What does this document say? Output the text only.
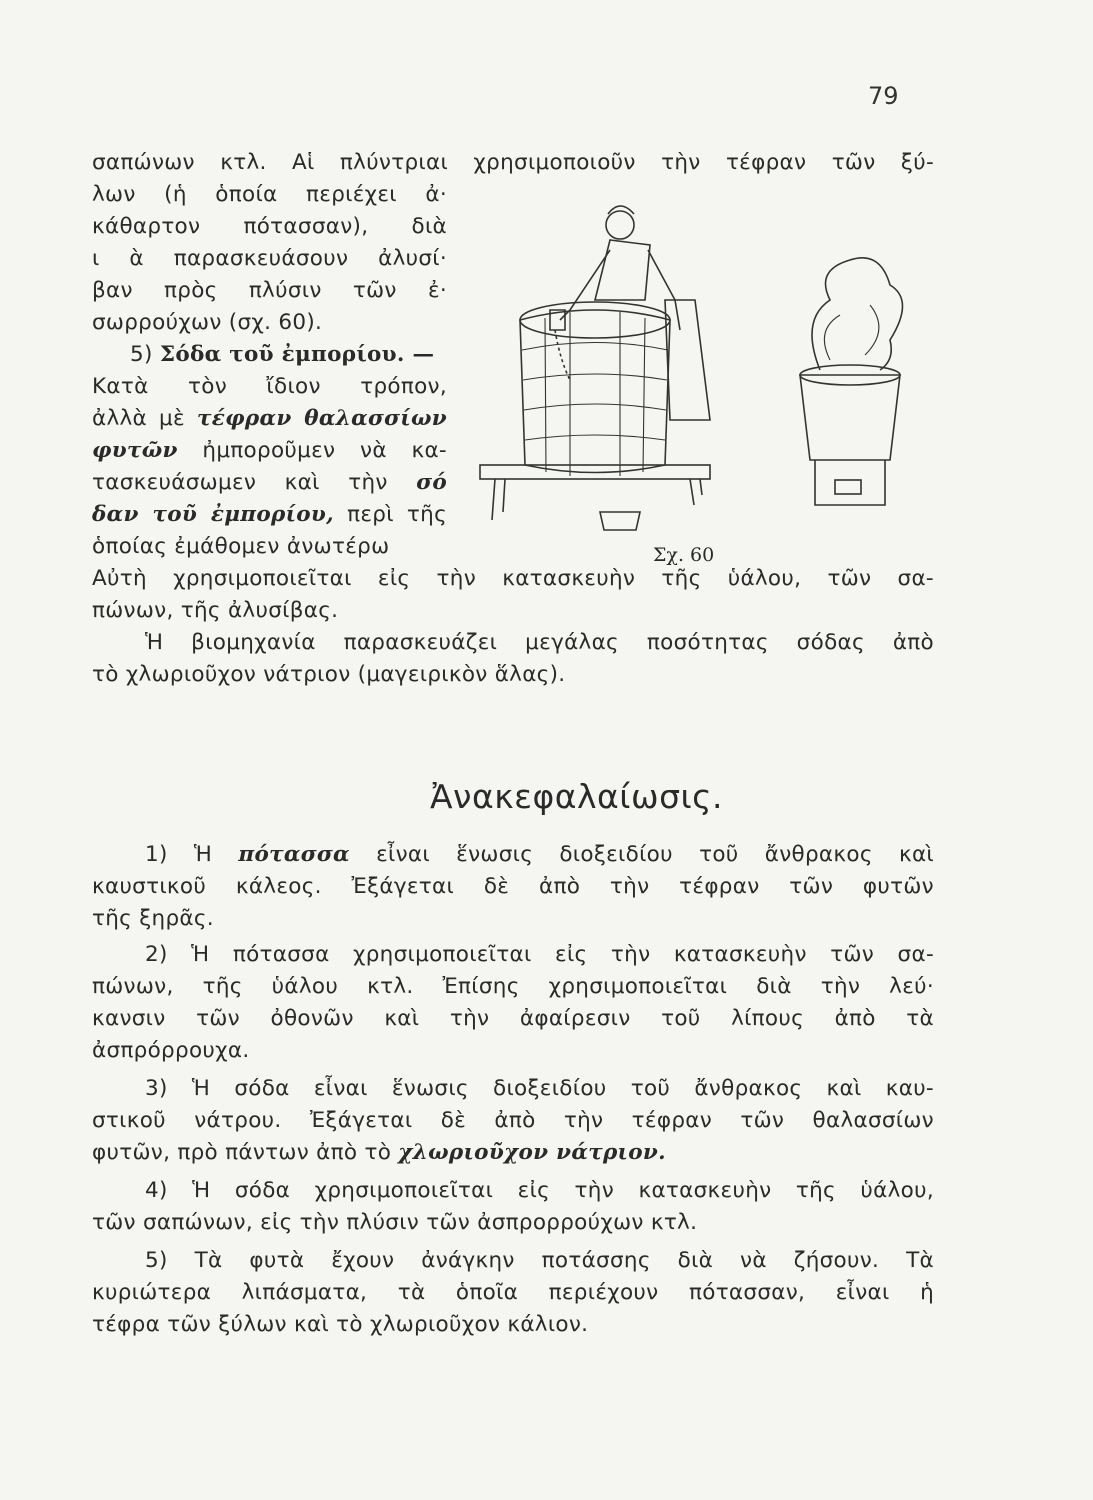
79
σαπώνων κτλ. Αἱ πλύντριαι χρησιμοποιοῦν τὴν τέφραν τῶν ξύ-
λων (ἡ ὁποία περιέχει ἀ·
κάθαρτον πότασσαν), διὰ
ι ὰ παρασκευάσουν ἀλυσί·
βαν πρὸς πλύσιν τῶν ἐ·
σωρρούχων (σχ. 60).
5) Σόδα τοῦ ἐμπορίου. —
Κατὰ τὸν ἴδιον τρόπον,
ἀλλὰ μὲ τέφραν θαλασσίων
φυτῶν ἠμποροῦμεν νὰ κα-
τασκευάσωμεν καὶ τὴν σό
δαν τοῦ ἐμπορίου, περὶ τῆς
ὁποίας ἐμάθομεν ἀνωτέρω
Αὐτὴ χρησιμοποιεῖται εἰς τὴν κατασκευὴν τῆς ὑάλου, τῶν σα-
πώνων, τῆς ἀλυσίβας.
Ἡ βιομηχανία παρασκευάζει μεγάλας ποσότητας σόδας ἀπὸ
τὸ χλωριοῦχον νάτριον (μαγειρικὸν ἅλας).
Σχ. 60
Ἀνακεφαλαίωσις.
1) Ἡ πότασσα εἶναι ἕνωσις διοξειδίου τοῦ ἄνθρακος καὶ
καυστικοῦ κάλεος. Ἐξάγεται δὲ ἀπὸ τὴν τέφραν τῶν φυτῶν
τῆς ξηρᾶς.
2) Ἡ πότασσα χρησιμοποιεῖται εἰς τὴν κατασκευὴν τῶν σα-
πώνων, τῆς ὑάλου κτλ. Ἐπίσης χρησιμοποιεῖται διὰ τὴν λεύ·
κανσιν τῶν ὀθονῶν καὶ τὴν ἀφαίρεσιν τοῦ λίπους ἀπὸ τὰ
ἀσπρόρρουχα.
3) Ἡ σόδα εἶναι ἕνωσις διοξειδίου τοῦ ἄνθρακος καὶ καυ-
στικοῦ νάτρου. Ἐξάγεται δὲ ἀπὸ τὴν τέφραν τῶν θαλασσίων
φυτῶν, πρὸ πάντων ἀπὸ τὸ χλωριοῦχον νάτριον.
4) Ἡ σόδα χρησιμοποιεῖται εἰς τὴν κατασκευὴν τῆς ὑάλου,
τῶν σαπώνων, εἰς τὴν πλύσιν τῶν ἀσπρορρούχων κτλ.
5) Τὰ φυτὰ ἔχουν ἀνάγκην ποτάσσης διὰ νὰ ζήσουν. Τὰ
κυριώτερα λιπάσματα, τὰ ὁποῖα περιέχουν πότασσαν, εἶναι ἡ
τέφρα τῶν ξύλων καὶ τὸ χλωριοῦχον κάλιον.
